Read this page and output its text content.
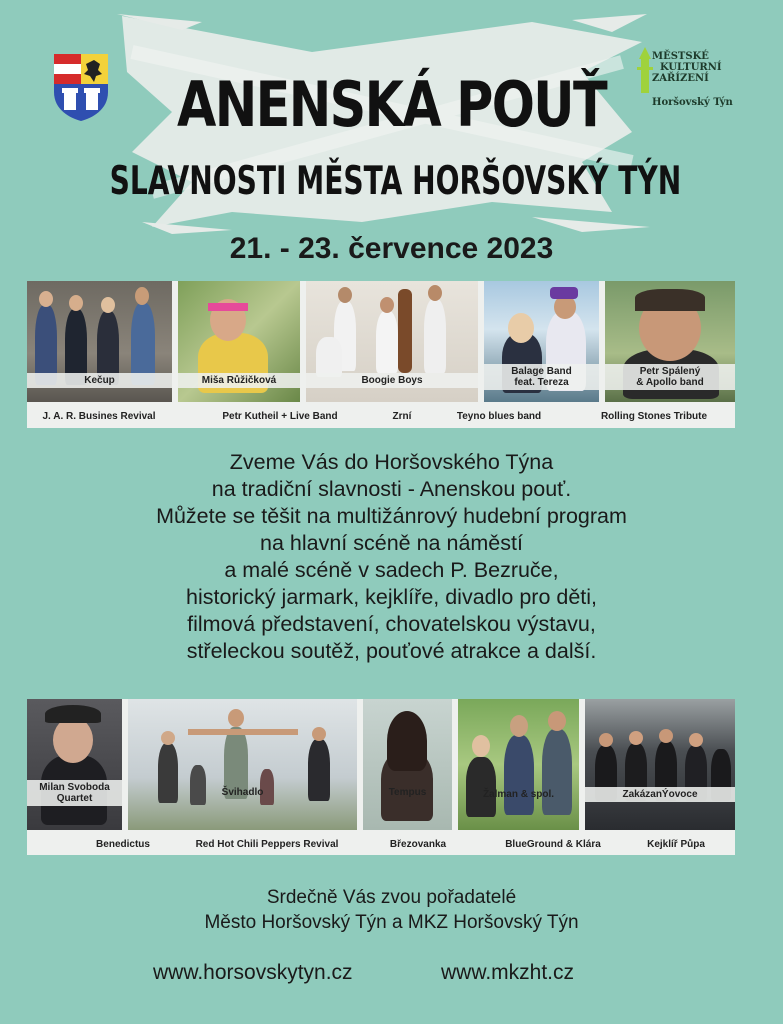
MĚSTSKÉ
KULTURNÍ
ZAŘÍZENÍ
Horšovský Týn
ANENSKÁ POUŤ
SLAVNOSTI MĚSTA HORŠOVSKÝ TÝN
21. - 23. července 2023
Kečup	Miša Růžičková	Boogie Boys
Balage Band
feat. Tereza
Petr Spálený
& Apollo band
J. A. R. Busines Revival	Petr Kutheil + Live Band	Zrní	Teyno blues band	Rolling Stones Tribute
Zveme Vás do Horšovského Týna
na tradiční slavnosti - Anenskou pouť.
Můžete se těšit na multižánrový hudební program
na hlavní scéně na náměstí
a malé scéně v sadech P. Bezruče,
historický jarmark, kejklíře, divadlo pro děti,
filmová představení, chovatelskou výstavu,
střeleckou soutěž, pouťové atrakce a další.
Milan Svoboda
Quartet
Švihadlo	Tempus	Žalman & spol.	ZakázanÝovoce
Benedictus	Red Hot Chili Peppers Revival	Březovanka	BlueGround & Klára	Kejklíř Půpa
Srdečně Vás zvou pořadatelé
Město Horšovský Týn a MKZ Horšovský Týn
www.horsovskytyn.cz	www.mkzht.cz
